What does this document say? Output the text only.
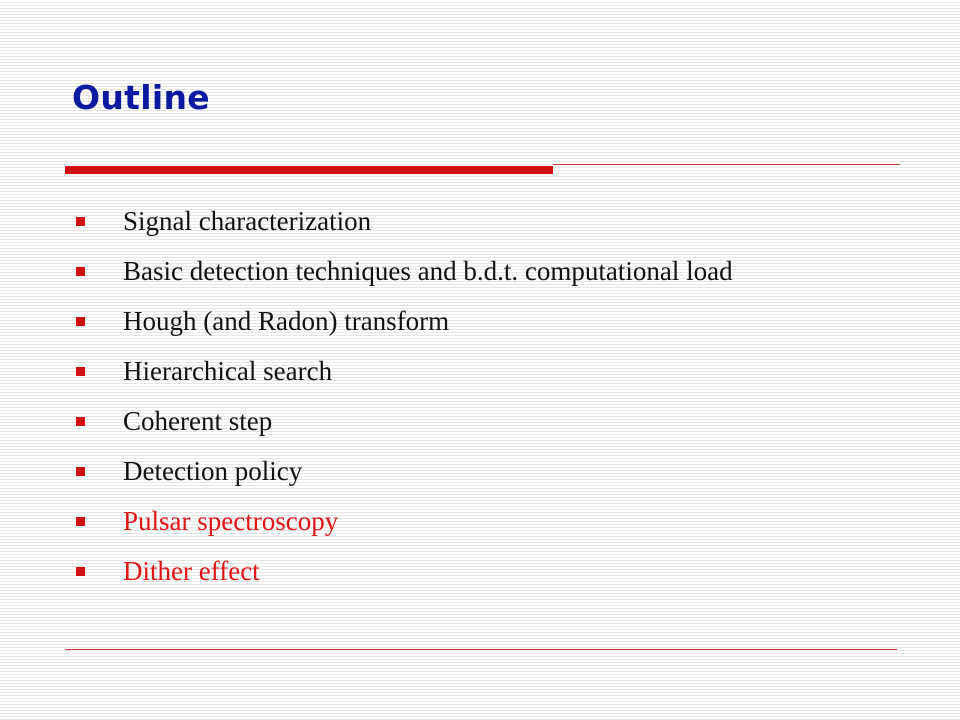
Outline
Signal characterization
Basic detection techniques and b.d.t. computational load
Hough (and Radon) transform
Hierarchical search
Coherent step
Detection policy
Pulsar spectroscopy
Dither effect
